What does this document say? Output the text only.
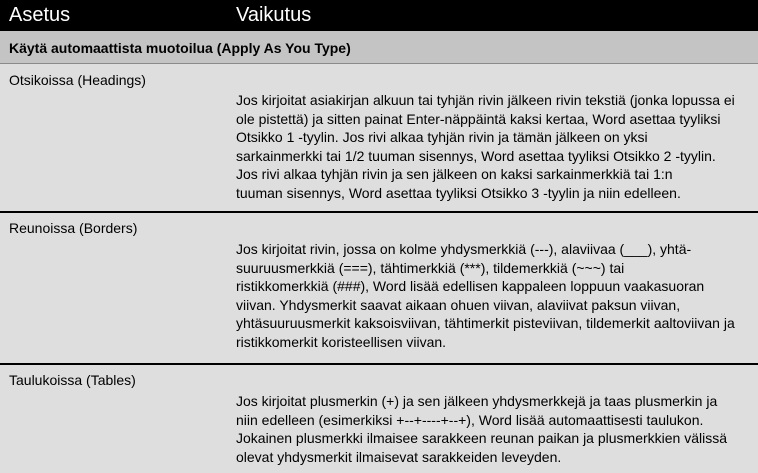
Asetus	Vaikutus
Käytä automaattista muotoilua (Apply As You Type)
Otsikoissa (Headings)
Jos kirjoitat asiakirjan alkuun tai tyhjän rivin jälkeen rivin tekstiä (jonka lopussa ei
ole pistettä) ja sitten painat Enter-näppäintä kaksi kertaa, Word asettaa tyyliksi
Otsikko 1 -tyylin. Jos rivi alkaa tyhjän rivin ja tämän jälkeen on yksi
sarkainmerkki tai 1/2 tuuman sisennys, Word asettaa tyyliksi Otsikko 2 -tyylin.
Jos rivi alkaa tyhjän rivin ja sen jälkeen on kaksi sarkainmerkkiä tai 1:n
tuuman sisennys, Word asettaa tyyliksi Otsikko 3 -tyylin ja niin edelleen.
Reunoissa (Borders)
Jos kirjoitat rivin, jossa on kolme yhdysmerkkiä (---), alaviivaa (___), yhtä-
suuruusmerkkiä (===), tähtimerkkiä (***), tildemerkkiä (~~~) tai
ristikkomerkkiä (###), Word lisää edellisen kappaleen loppuun vaakasuoran
viivan. Yhdysmerkit saavat aikaan ohuen viivan, alaviivat paksun viivan,
yhtäsuuruusmerkit kaksoisviivan, tähtimerkit pisteviivan, tildemerkit aaltoviivan ja
ristikkomerkit koristeellisen viivan.
Taulukoissa (Tables)
Jos kirjoitat plusmerkin (+) ja sen jälkeen yhdysmerkkejä ja taas plusmerkin ja
niin edelleen (esimerkiksi +--+----+--+), Word lisää automaattisesti taulukon.
Jokainen plusmerkki ilmaisee sarakkeen reunan paikan ja plusmerkkien välissä
olevat yhdysmerkit ilmaisevat sarakkeiden leveyden.
